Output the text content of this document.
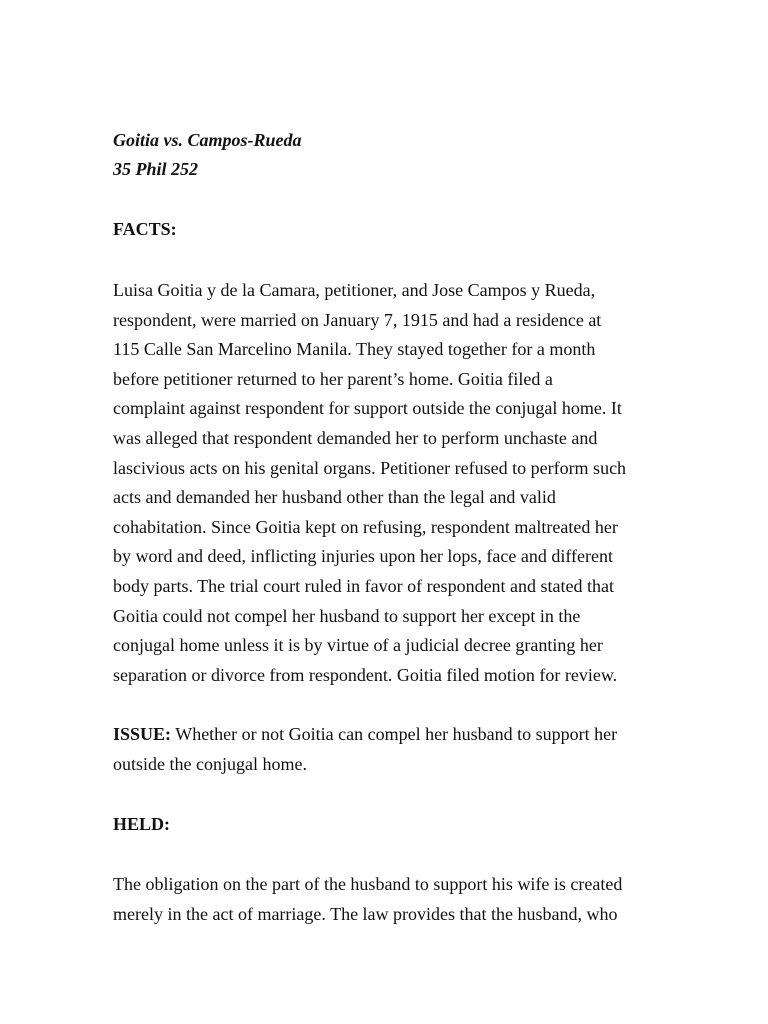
Goitia vs. Campos-Rueda
35 Phil 252

FACTS:

Luisa Goitia y de la Camara, petitioner, and Jose Campos y Rueda,
respondent, were married on January 7, 1915 and had a residence at
115 Calle San Marcelino Manila. They stayed together for a month
before petitioner returned to her parent’s home. Goitia filed a
complaint against respondent for support outside the conjugal home. It
was alleged that respondent demanded her to perform unchaste and
lascivious acts on his genital organs. Petitioner refused to perform such
acts and demanded her husband other than the legal and valid
cohabitation. Since Goitia kept on refusing, respondent maltreated her
by word and deed, inflicting injuries upon her lops, face and different
body parts. The trial court ruled in favor of respondent and stated that
Goitia could not compel her husband to support her except in the
conjugal home unless it is by virtue of a judicial decree granting her
separation or divorce from respondent. Goitia filed motion for review.

ISSUE: Whether or not Goitia can compel her husband to support her
outside the conjugal home.

HELD:

The obligation on the part of the husband to support his wife is created
merely in the act of marriage. The law provides that the husband, who
